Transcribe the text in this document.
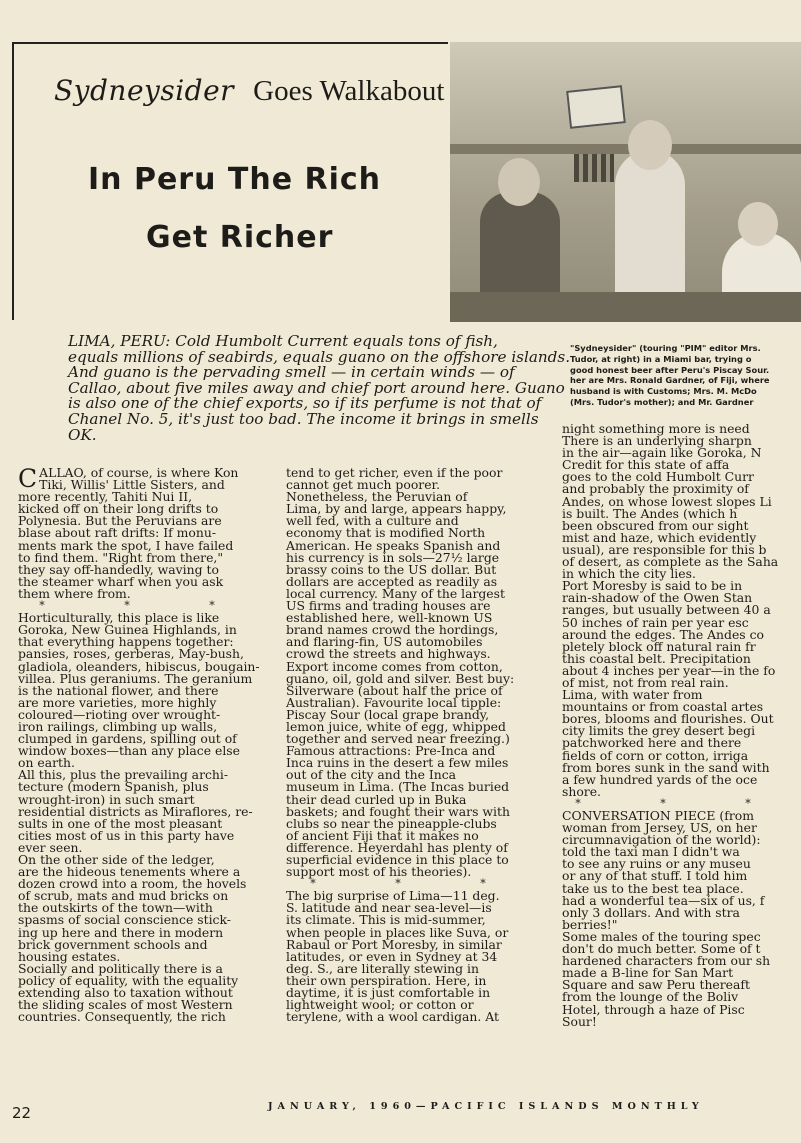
Sydneysider Goes Walkabout
In Peru The Rich
Get Richer
LIMA, PERU: Cold Humbolt Current equals tons of fish,
equals millions of seabirds, equals guano on the offshore islands.
And guano is the pervading smell — in certain winds — of
Callao, about five miles away and chief port around here. Guano
is also one of the chief exports, so if its perfume is not that of
Chanel No. 5, it's just too bad. The income it brings in smells
OK.
"Sydneysider" (touring "PIM" editor Mrs.
Tudor, at right) in a Miami bar, trying o
good honest beer after Peru's Piscay Sour.
her are Mrs. Ronald Gardner, of Fiji, where
husband is with Customs; Mrs. M. McDo
(Mrs. Tudor's mother); and Mr. Gardner
C ALLAO, of course, is where Kon
Tiki, Willis' Little Sisters, and
more recently, Tahiti Nui II,
kicked off on their long drifts to
Polynesia. But the Peruvians are
blase about raft drifts: If monu-
ments mark the spot, I have failed
to find them. "Right from there,"
they say off-handedly, waving to
the steamer wharf when you ask
them where from.
* * *
Horticulturally, this place is like
Goroka, New Guinea Highlands, in
that everything happens together:
pansies, roses, gerberas, May-bush,
gladiola, oleanders, hibiscus, bougain-
villea. Plus geraniums. The geranium
is the national flower, and there
are more varieties, more highly
coloured—rioting over wrought-
iron railings, climbing up walls,
clumped in gardens, spilling out of
window boxes—than any place else
on earth.
All this, plus the prevailing archi-
tecture (modern Spanish, plus
wrought-iron) in such smart
residential districts as Miraflores, re-
sults in one of the most pleasant
cities most of us in this party have
ever seen.
On the other side of the ledger,
are the hideous tenements where a
dozen crowd into a room, the hovels
of scrub, mats and mud bricks on
the outskirts of the town—with
spasms of social conscience stick-
ing up here and there in modern
brick government schools and
housing estates.
Socially and politically there is a
policy of equality, with the equality
extending also to taxation without
the sliding scales of most Western
countries. Consequently, the rich
tend to get richer, even if the poor
cannot get much poorer.
Nonetheless, the Peruvian of
Lima, by and large, appears happy,
well fed, with a culture and
economy that is modified North
American. He speaks Spanish and
his currency is in sols—27½ large
brassy coins to the US dollar. But
dollars are accepted as readily as
local currency. Many of the largest
US firms and trading houses are
established here, well-known US
brand names crowd the hordings,
and flaring-fin, US automobiles
crowd the streets and highways.
Export income comes from cotton,
guano, oil, gold and silver. Best buy:
Silverware (about half the price of
Australian). Favourite local tipple:
Piscay Sour (local grape brandy,
lemon juice, white of egg, whipped
together and served near freezing.)
Famous attractions: Pre-Inca and
Inca ruins in the desert a few miles
out of the city and the Inca
museum in Lima. (The Incas buried
their dead curled up in Buka
baskets; and fought their wars with
clubs so near the pineapple-clubs
of ancient Fiji that it makes no
difference. Heyerdahl has plenty of
superficial evidence in this place to
support most of his theories).
* * *
The big surprise of Lima—11 deg.
S. latitude and near sea-level—is
its climate. This is mid-summer,
when people in places like Suva, or
Rabaul or Port Moresby, in similar
latitudes, or even in Sydney at 34
deg. S., are literally stewing in
their own perspiration. Here, in
daytime, it is just comfortable in
lightweight wool; or cotton or
terylene, with a wool cardigan. At
night something more is need
There is an underlying sharpn
in the air—again like Goroka, N
Credit for this state of affa
goes to the cold Humbolt Curr
and probably the proximity of
Andes, on whose lowest slopes Li
is built. The Andes (which h
been obscured from our sight
mist and haze, which evidently
usual), are responsible for this b
of desert, as complete as the Saha
in which the city lies.
Port Moresby is said to be in
rain-shadow of the Owen Stan
ranges, but usually between 40 a
50 inches of rain per year esc
around the edges. The Andes co
pletely block off natural rain fr
this coastal belt. Precipitation
about 4 inches per year—in the fo
of mist, not from real rain.
Lima, with water from
mountains or from coastal artes
bores, blooms and flourishes. Out
city limits the grey desert begi
patchworked here and there
fields of corn or cotton, irriga
from bores sunk in the sand with
a few hundred yards of the oce
shore.
* * *
CONVERSATION PIECE (from
woman from Jersey, US, on her
circumnavigation of the world):
told the taxi man I didn't wa
to see any ruins or any museu
or any of that stuff. I told him
take us to the best tea place.
had a wonderful tea—six of us, f
only 3 dollars. And with stra
berries!"
Some males of the touring spec
don't do much better. Some of t
hardened characters from our sh
made a B-line for San Mart
Square and saw Peru thereaft
from the lounge of the Boliv
Hotel, through a haze of Pisc
Sour!
22	JANUARY, 1960—PACIFIC ISLANDS MONTHLY
